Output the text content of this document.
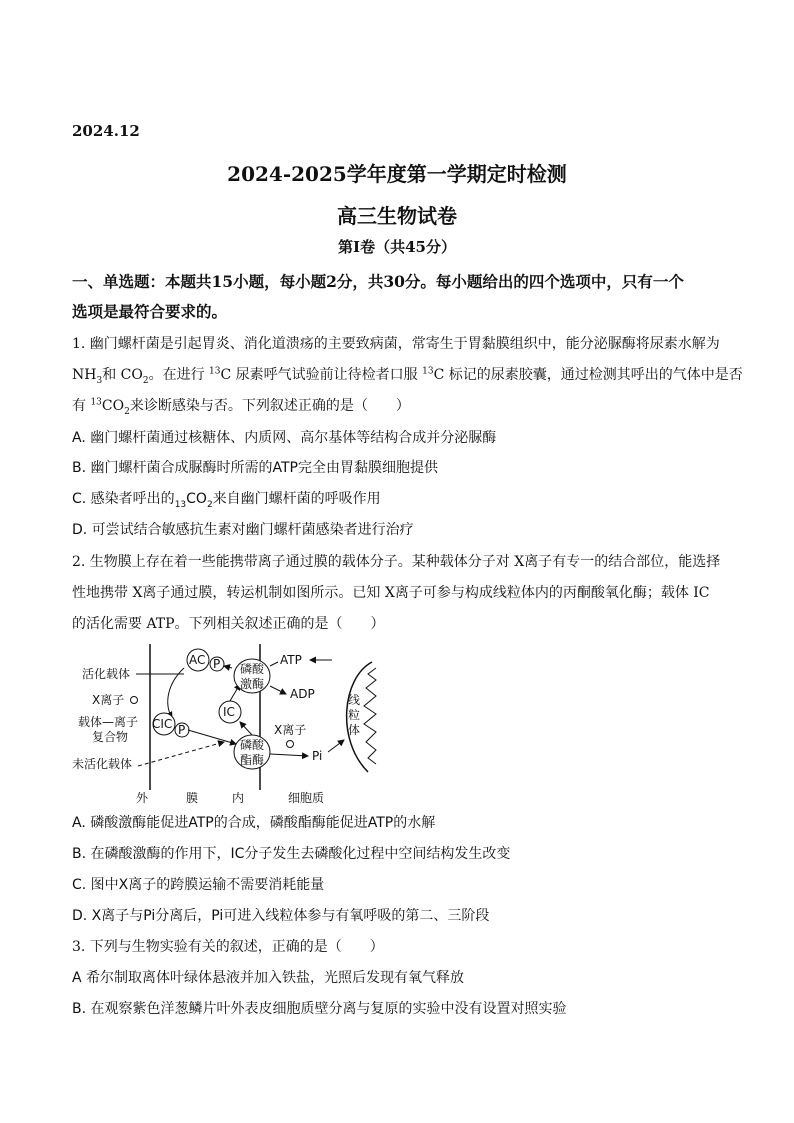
2024.12
2024-2025学年度第一学期定时检测
高三生物试卷
第Ⅰ卷（共45分）
一、单选题：本题共15小题，每小题2分，共30分。每小题给出的四个选项中，只有一个
选项是最符合要求的。
1. 幽门螺杆菌是引起胃炎、消化道溃疡的主要致病菌，常寄生于胃黏膜组织中，能分泌脲酶将尿素水解为
$NH_3$和 $CO_2$。在进行 $^{13}$C 尿素呼气试验前让待检者口服 $^{13}$C 标记的尿素胶囊，通过检测其呼出的气体中是否
有 $^{13}CO_2$来诊断感染与否。下列叙述正确的是（　　）
A. 幽门螺杆菌通过核糖体、内质网、高尔基体等结构合成并分泌脲酶
B. 幽门螺杆菌合成脲酶时所需的ATP完全由胃黏膜细胞提供
C. 感染者呼出的$_{13}CO_2$来自幽门螺杆菌的呼吸作用
D. 可尝试结合敏感抗生素对幽门螺杆菌感染者进行治疗
2. 生物膜上存在着一些能携带离子通过膜的载体分子。某种载体分子对 X离子有专一的结合部位，能选择
性地携带 X离子通过膜，转运机制如图所示。已知 X离子可参与构成线粒体内的丙酮酸氧化酶；载体 IC
的活化需要 ATP。下列相关叙述正确的是（　　）
活化载体
X离子
载体—离子
复合物
未活化载体
外	膜	内	细胞质
AC P
CIC P
IC
磷酸
激酶
ATP
ADP
磷酸
酯酶
X离子
Pi
线
粒
体
A. 磷酸激酶能促进ATP的合成，磷酸酯酶能促进ATP的水解
B. 在磷酸激酶的作用下，IC分子发生去磷酸化过程中空间结构发生改变
C. 图中X离子的跨膜运输不需要消耗能量
D. X离子与Pi分离后，Pi可进入线粒体参与有氧呼吸的第二、三阶段
3. 下列与生物实验有关的叙述，正确的是（　　）
A 希尔制取离体叶绿体悬液并加入铁盐，光照后发现有氧气释放
B. 在观察紫色洋葱鳞片叶外表皮细胞质壁分离与复原的实验中没有设置对照实验
